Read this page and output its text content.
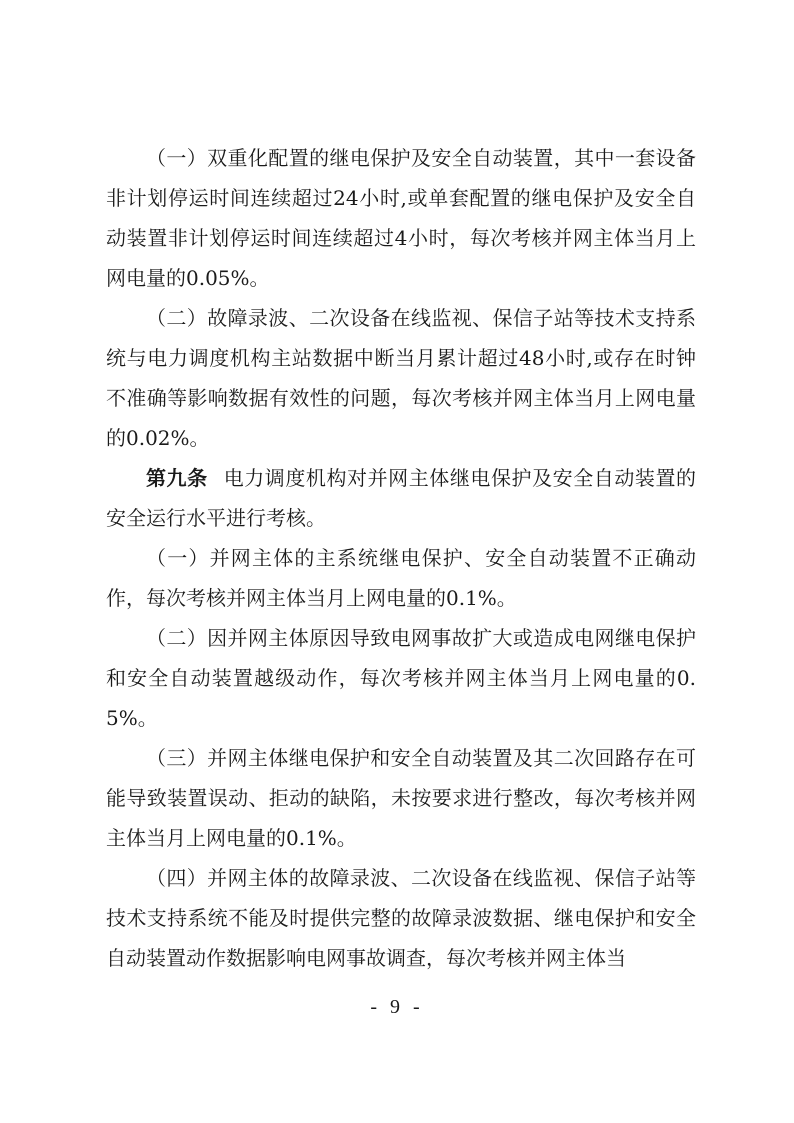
（一）双重化配置的继电保护及安全自动装置，其中一套设备非计划停运时间连续超过24小时,或单套配置的继电保护及安全自动装置非计划停运时间连续超过4小时，每次考核并网主体当月上网电量的0.05%。

（二）故障录波、二次设备在线监视、保信子站等技术支持系统与电力调度机构主站数据中断当月累计超过48小时,或存在时钟不准确等影响数据有效性的问题，每次考核并网主体当月上网电量的0.02%。

第九条 电力调度机构对并网主体继电保护及安全自动装置的安全运行水平进行考核。

（一）并网主体的主系统继电保护、安全自动装置不正确动作，每次考核并网主体当月上网电量的0.1%。

（二）因并网主体原因导致电网事故扩大或造成电网继电保护和安全自动装置越级动作，每次考核并网主体当月上网电量的0.5%。

（三）并网主体继电保护和安全自动装置及其二次回路存在可能导致装置误动、拒动的缺陷，未按要求进行整改，每次考核并网主体当月上网电量的0.1%。

（四）并网主体的故障录波、二次设备在线监视、保信子站等技术支持系统不能及时提供完整的故障录波数据、继电保护和安全自动装置动作数据影响电网事故调查，每次考核并网主体当

- 9 -
